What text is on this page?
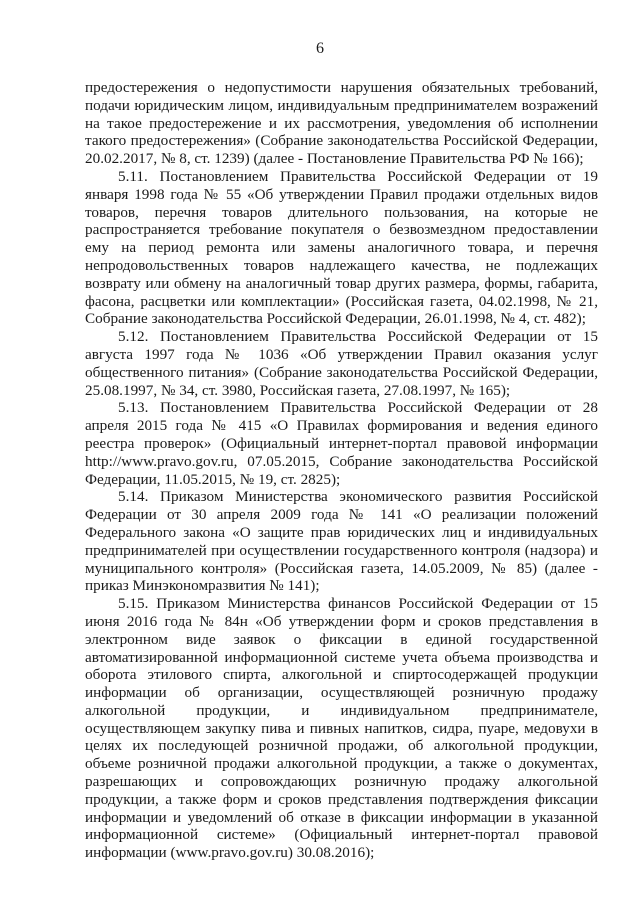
6

предостережения о недопустимости нарушения обязательных требований, подачи юридическим лицом, индивидуальным предпринимателем возражений на такое предостережение и их рассмотрения, уведомления об исполнении такого предостережения» (Собрание законодательства Российской Федерации, 20.02.2017, № 8, ст. 1239) (далее - Постановление Правительства РФ № 166);

5.11. Постановлением Правительства Российской Федерации от 19 января 1998 года № 55 «Об утверждении Правил продажи отдельных видов товаров, перечня товаров длительного пользования, на которые не распространяется требование покупателя о безвозмездном предоставлении ему на период ремонта или замены аналогичного товара, и перечня непродовольственных товаров надлежащего качества, не подлежащих возврату или обмену на аналогичный товар других размера, формы, габарита, фасона, расцветки или комплектации» (Российская газета, 04.02.1998, № 21, Собрание законодательства Российской Федерации, 26.01.1998, № 4, ст. 482);

5.12. Постановлением Правительства Российской Федерации от 15 августа 1997 года № 1036 «Об утверждении Правил оказания услуг общественного питания» (Собрание законодательства Российской Федерации, 25.08.1997, № 34, ст. 3980, Российская газета, 27.08.1997, № 165);

5.13. Постановлением Правительства Российской Федерации от 28 апреля 2015 года № 415 «О Правилах формирования и ведения единого реестра проверок» (Официальный интернет-портал правовой информации http://www.pravo.gov.ru, 07.05.2015, Собрание законодательства Российской Федерации, 11.05.2015, № 19, ст. 2825);

5.14. Приказом Министерства экономического развития Российской Федерации от 30 апреля 2009 года № 141 «О реализации положений Федерального закона «О защите прав юридических лиц и индивидуальных предпринимателей при осуществлении государственного контроля (надзора) и муниципального контроля» (Российская газета, 14.05.2009, № 85) (далее - приказ Минэкономразвития № 141);

5.15. Приказом Министерства финансов Российской Федерации от 15 июня 2016 года № 84н «Об утверждении форм и сроков представления в электронном виде заявок о фиксации в единой государственной автоматизированной информационной системе учета объема производства и оборота этилового спирта, алкогольной и спиртосодержащей продукции информации об организации, осуществляющей розничную продажу алкогольной продукции, и индивидуальном предпринимателе, осуществляющем закупку пива и пивных напитков, сидра, пуаре, медовухи в целях их последующей розничной продажи, об алкогольной продукции, объеме розничной продажи алкогольной продукции, а также о документах, разрешающих и сопровождающих розничную продажу алкогольной продукции, а также форм и сроков представления подтверждения фиксации информации и уведомлений об отказе в фиксации информации в указанной информационной системе» (Официальный интернет-портал правовой информации (www.pravo.gov.ru) 30.08.2016);
